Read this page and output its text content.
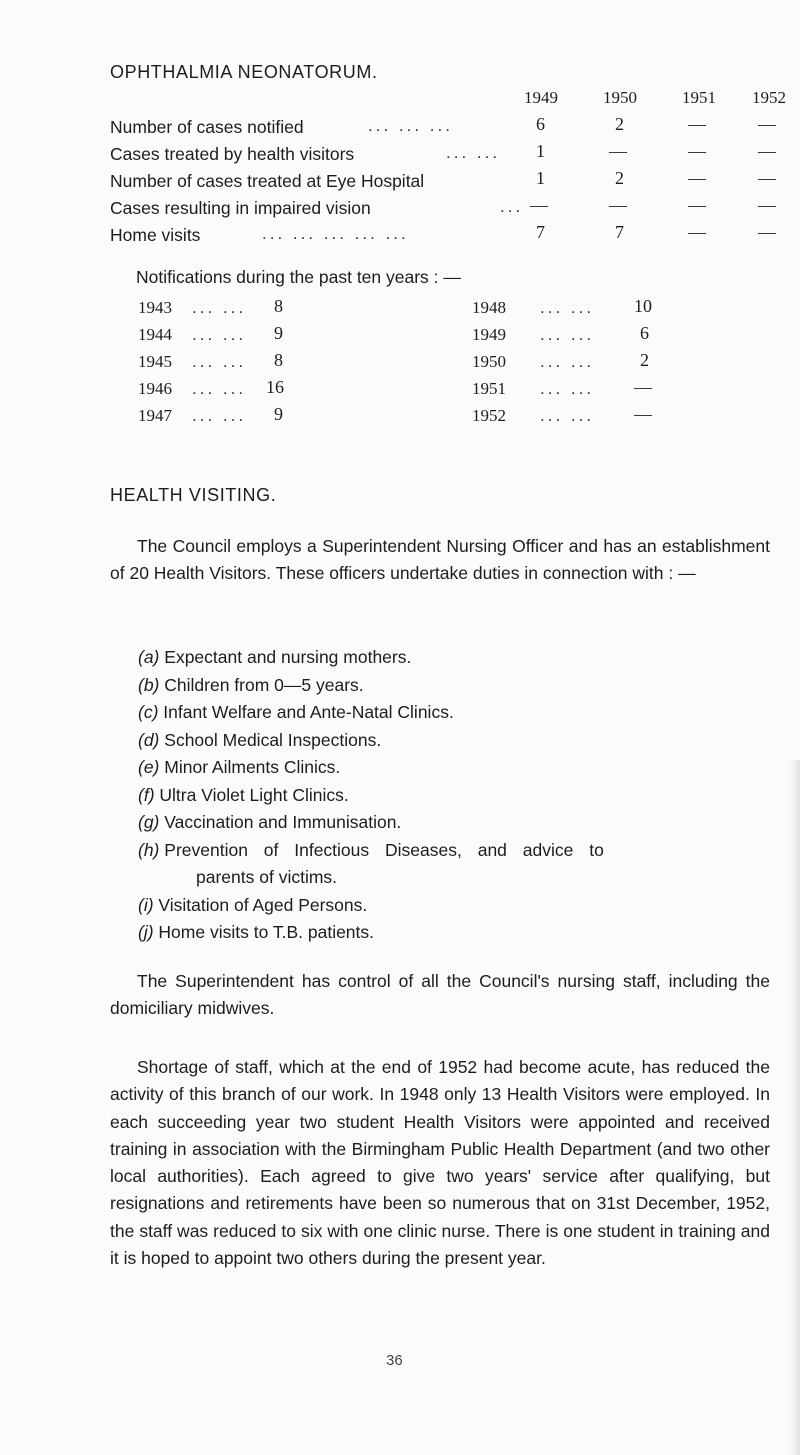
OPHTHALMIA NEONATORUM.
1949	1950	1951 1952
Number of cases notified	... ... ...	6	2	—	—
Cases treated by health visitors	... ... 1	—	—	—
Number of cases treated at Eye Hospital	1	2	—	—
Cases resulting in impaired vision	... —	—	—	—
Home visits	... ... ... ... ...	7	7	—	—
Notifications during the past ten years : —
1943 ... ... 8
1944 ... ... 9
1945 ... ... 8
1946 ... ... 16
1947 ... ... 9
1948 ... ... 10
1949 ... ...	6
1950 ... ...	2
1951 ... ... —
1952 ... ... —
HEALTH VISITING.

The Council employs a Superintendent Nursing Officer and has an establishment of 20 Health Visitors. These officers undertake duties in connection with : —

(a) Expectant and nursing mothers.
(b) Children from 0—5 years.
(c) Infant Welfare and Ante-Natal Clinics.
(d) School Medical Inspections.
(e) Minor Ailments Clinics.
(f) Ultra Violet Light Clinics.
(g) Vaccination and Immunisation.
(h) Prevention of Infectious Diseases, and advice to
parents of victims.
(i) Visitation of Aged Persons.
(j) Home visits to T.B. patients.

The Superintendent has control of all the Council's nursing staff, including the domiciliary midwives.

Shortage of staff, which at the end of 1952 had become acute, has reduced the activity of this branch of our work. In 1948 only 13 Health Visitors were employed. In each succeeding year two student Health Visitors were appointed and received training in association with the Birmingham Public Health Department (and two other local authorities). Each agreed to give two years' service after qualifying, but resignations and retirements have been so numerous that on 31st December, 1952, the staff was reduced to six with one clinic nurse. There is one student in training and it is hoped to appoint two others during the present year.

36
